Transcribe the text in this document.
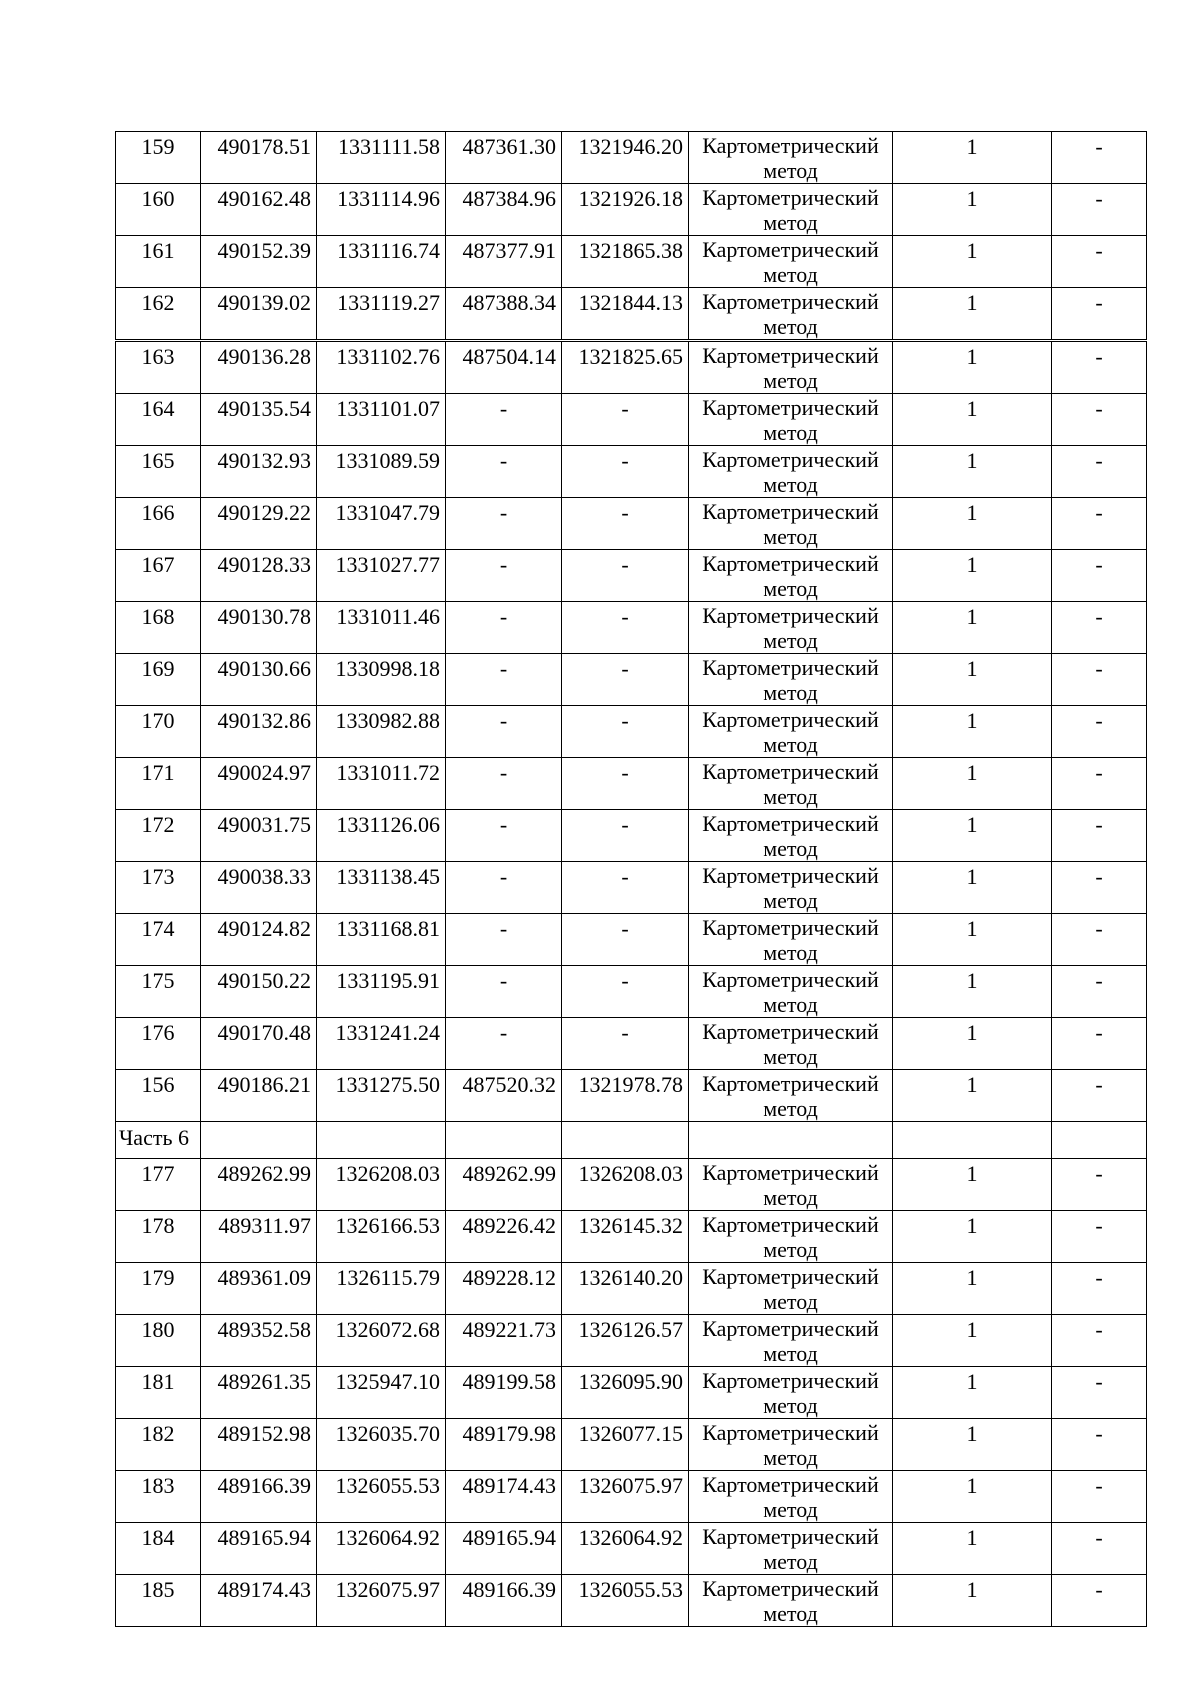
159	490178.51	1331111.58	487361.30	1321946.20	Картометрический
метод	1	-
160	490162.48	1331114.96	487384.96	1321926.18	Картометрический
метод	1	-
161	490152.39	1331116.74	487377.91	1321865.38	Картометрический
метод	1	-
162	490139.02	1331119.27	487388.34	1321844.13	Картометрический
метод	1	-
163	490136.28	1331102.76	487504.14	1321825.65	Картометрический
метод	1	-
164	490135.54	1331101.07	-	-	Картометрический
метод	1	-
165	490132.93	1331089.59	-	-	Картометрический
метод	1	-
166	490129.22	1331047.79	-	-	Картометрический
метод	1	-
167	490128.33	1331027.77	-	-	Картометрический
метод	1	-
168	490130.78	1331011.46	-	-	Картометрический
метод	1	-
169	490130.66	1330998.18	-	-	Картометрический
метод	1	-
170	490132.86	1330982.88	-	-	Картометрический
метод	1	-
171	490024.97	1331011.72	-	-	Картометрический
метод	1	-
172	490031.75	1331126.06	-	-	Картометрический
метод	1	-
173	490038.33	1331138.45	-	-	Картометрический
метод	1	-
174	490124.82	1331168.81	-	-	Картометрический
метод	1	-
175	490150.22	1331195.91	-	-	Картометрический
метод	1	-
176	490170.48	1331241.24	-	-	Картометрический
метод	1	-
156	490186.21	1331275.50	487520.32	1321978.78	Картометрический
метод	1	-
Часть 6							
177	489262.99	1326208.03	489262.99	1326208.03	Картометрический
метод	1	-
178	489311.97	1326166.53	489226.42	1326145.32	Картометрический
метод	1	-
179	489361.09	1326115.79	489228.12	1326140.20	Картометрический
метод	1	-
180	489352.58	1326072.68	489221.73	1326126.57	Картометрический
метод	1	-
181	489261.35	1325947.10	489199.58	1326095.90	Картометрический
метод	1	-
182	489152.98	1326035.70	489179.98	1326077.15	Картометрический
метод	1	-
183	489166.39	1326055.53	489174.43	1326075.97	Картометрический
метод	1	-
184	489165.94	1326064.92	489165.94	1326064.92	Картометрический
метод	1	-
185	489174.43	1326075.97	489166.39	1326055.53	Картометрический
метод	1	-
